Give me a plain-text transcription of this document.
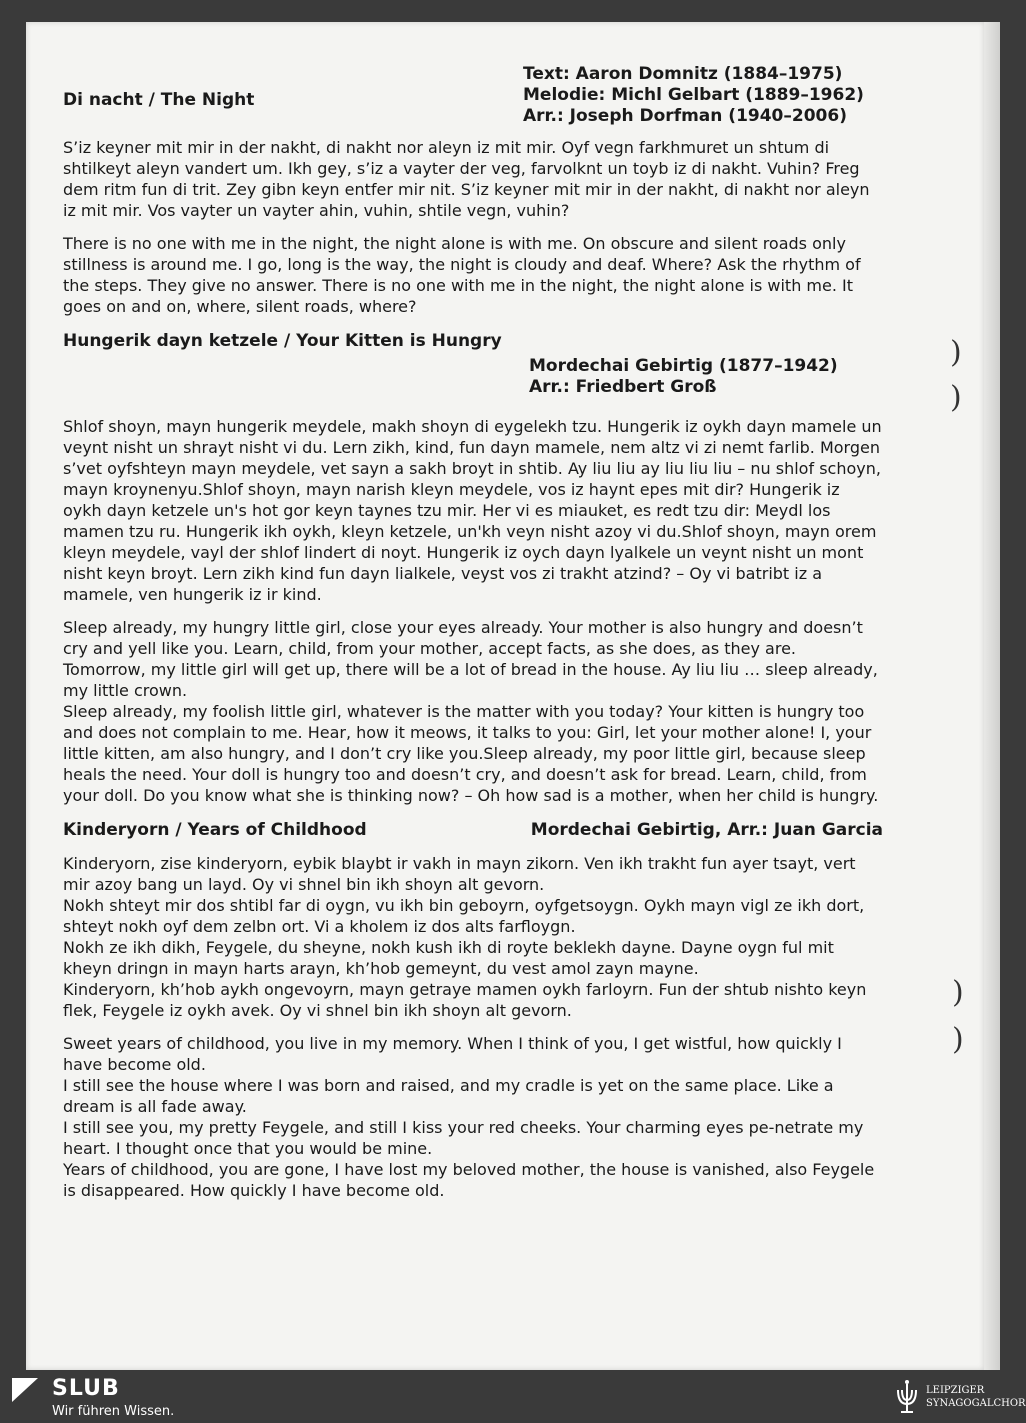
)
)
)
)
Di nacht / The Night
Text: Aaron Domnitz (1884–1975)
Melodie: Michl Gelbart (1889–1962)
Arr.: Joseph Dorfman (1940–2006)

S’iz keyner mit mir in der nakht, di nakht nor aleyn iz mit mir. Oyf vegn farkhmuret un shtum di shtilkeyt aleyn vandert um. Ikh gey, s’iz a vayter der veg, farvolknt un toyb iz di nakht. Vuhin? Freg dem ritm fun di trit. Zey gibn keyn entfer mir nit. S’iz keyner mit mir in der nakht, di nakht nor aleyn iz mit mir. Vos vayter un vayter ahin, vuhin, shtile vegn, vuhin?

There is no one with me in the night, the night alone is with me. On obscure and silent roads only stillness is around me. I go, long is the way, the night is cloudy and deaf. Where? Ask the rhythm of the steps. They give no answer. There is no one with me in the night, the night alone is with me. It goes on and on, where, silent roads, where?

Hungerik dayn ketzele / Your Kitten is Hungry
Mordechai Gebirtig (1877–1942)
Arr.: Friedbert Groß

Shlof shoyn, mayn hungerik meydele, makh shoyn di eygelekh tzu. Hungerik iz oykh dayn mamele un veynt nisht un shrayt nisht vi du. Lern zikh, kind, fun dayn mamele, nem altz vi zi nemt farlib. Morgen s’vet oyfshteyn mayn meydele, vet sayn a sakh broyt in shtib. Ay liu liu ay liu liu liu – nu shlof schoyn, mayn kroynenyu.Shlof shoyn, mayn narish kleyn meydele, vos iz haynt epes mit dir? Hungerik iz oykh dayn ketzele un's hot gor keyn taynes tzu mir. Her vi es miauket, es redt tzu dir: Meydl los mamen tzu ru. Hungerik ikh oykh, kleyn ketzele, un'kh veyn nisht azoy vi du.Shlof shoyn, mayn orem kleyn meydele, vayl der shlof lindert di noyt. Hungerik iz oych dayn lyalkele un veynt nisht un mont nisht keyn broyt. Lern zikh kind fun dayn lialkele, veyst vos zi trakht atzind? – Oy vi batribt iz a mamele, ven hungerik iz ir kind.

Sleep already, my hungry little girl, close your eyes already. Your mother is also hungry and doesn’t cry and yell like you. Learn, child, from your mother, accept facts, as she does, as they are. Tomorrow, my little girl will get up, there will be a lot of bread in the house. Ay liu liu … sleep already, my little crown.

Sleep already, my foolish little girl, whatever is the matter with you today? Your kitten is hungry too and does not complain to me. Hear, how it meows, it talks to you: Girl, let your mother alone! I, your little kitten, am also hungry, and I don’t cry like you.Sleep already, my poor little girl, because sleep heals the need. Your doll is hungry too and doesn’t cry, and doesn’t ask for bread. Learn, child, from your doll. Do you know what she is thinking now? – Oh how sad is a mother, when her child is hungry.

Kinderyorn / Years of Childhood	Mordechai Gebirtig, Arr.: Juan Garcia
Kinderyorn, zise kinderyorn, eybik blaybt ir vakh in mayn zikorn. Ven ikh trakht fun ayer tsayt, vert mir azoy bang un layd. Oy vi shnel bin ikh shoyn alt gevorn.
Nokh shteyt mir dos shtibl far di oygn, vu ikh bin geboyrn, oyfgetsoygn. Oykh mayn vigl ze ikh dort, shteyt nokh oyf dem zelbn ort. Vi a kholem iz dos alts farfloygn.
Nokh ze ikh dikh, Feygele, du sheyne, nokh kush ikh di royte beklekh dayne. Dayne oygn ful mit kheyn dringn in mayn harts arayn, kh’hob gemeynt, du vest amol zayn mayne.
Kinderyorn, kh’hob aykh ongevoyrn, mayn getraye mamen oykh farloyrn. Fun der shtub nishto keyn flek, Feygele iz oykh avek. Oy vi shnel bin ikh shoyn alt gevorn.
Sweet years of childhood, you live in my memory. When I think of you, I get wistful, how quickly I have become old.
I still see the house where I was born and raised, and my cradle is yet on the same place. Like a dream is all fade away.
I still see you, my pretty Feygele, and still I kiss your red cheeks. Your charming eyes pe-netrate my heart. I thought once that you would be mine.
Years of childhood, you are gone, I have lost my beloved mother, the house is vanished, also Feygele is disappeared. How quickly I have become old.
SLUB
Wir führen Wissen.
LEIPZIGER
SYNAGOGALCHOR
